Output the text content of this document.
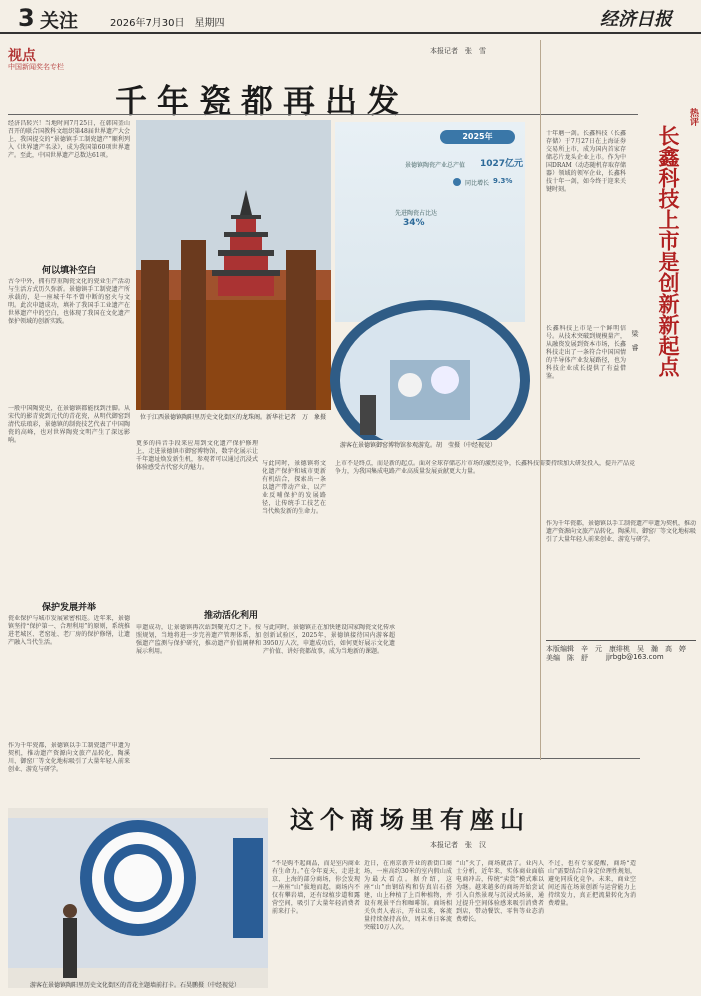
3 关注	2026年7月30日　星期四	经济日报
视点
中国新闻奖名专栏
本报记者　张　雪
千年瓷都再出发
经济昌转兴！当地时间7月25日，在韩国釜山召开的联合国教科文组织第48届世界遗产大会上，我国提交的“景德镇手工制瓷遗产”顺利列入《世界遗产名录》，成为我国第60项世界遗产。至此，中国世界遗产总数达61项。
何以填补空白
古今中外，拥有厚重陶瓷文化的瓷业生产活动与生活方式历久弥新。景德镇手工制瓷遗产所承载的，是一座城千年不曾中断的窑火与文明。此次申遗成功，填补了我国手工业遗产在世界遗产中的空白，也体现了我国在文化遗产保护领域的创新实践。
一般中国陶瓷史，在景德镇都能找到注脚。从宋代的影青瓷到元代的青花瓷，从明代御窑到清代珐琅彩，景德镇的制瓷技艺代表了中国陶瓷的高峰，也对世界陶瓷文明产生了深远影响。
保护发展并举
瓷业保护与城市发展紧密相连。近年来，景德镇坚持“保护第一、合理利用”的原则，系统推进老城区、老窑址、老厂房的保护修缮，让遗产融入当代生活。
作为千年瓷都，景德镇以手工制瓷遗产申遗为契机，推动遗产资源向文旅产品转化，陶溪川、御窑厂等文化地标吸引了大量年轻人前来创业、游览与研学。
位于江西景德镇陶阳里历史文化街区的龙珠阁。新华社记者　万　象摄
2025年
景德镇陶瓷产业总产值 1027亿元
同比增长 9.3%
先进陶瓷占比达
34%
游客在景德镇御窑博物馆参观游览。胡　莹摄（中经视觉）
更多的抖音手段来应用到文化遗产保护修理上，走进景德镇市御窑博物馆，数字化展示让千年遗址焕发新生机，参观者可以通过沉浸式体验感受古代窑火的魅力。
与此同时，景德镇将文化遗产保护和城市更新有机结合，探索出一条以遗产带动产业、以产业反哺保护的发展路径，让传统手工技艺在当代焕发新的生命力。
推动活化利用
申遗成功，让景德镇再次站到聚光灯之下。按照规划，当地将进一步完善遗产管理体系，加强遗产监测与保护研究，推动遗产价值阐释和展示利用。
与此同时，景德镇正在加快建设国家陶瓷文化传承创新试验区，2025年，景德镇接待国内游客超3950万人次，申遗成功后，如何更好展示文化遗产价值、讲好瓷都故事，成为当地新的课题。
上市不是终点，而是新的起点。面对全球存储芯片市场的激烈竞争，长鑫科技需要持续加大研发投入，提升产品竞争力，为我国集成电路产业高质量发展贡献更大力量。
游客在景德镇陶阳里历史文化街区的青花主题墙前打卡。石昊鹏摄（中经视觉）
这个商场里有座山
本报记者　张　汉
“不是购不起商品，而是室内商业有生命力。”在今年夏天，走进北京、上海的部分商场，你会发现一座座“山”拔地而起，商场内不仅有攀岩墙，还有绿植步道和露营空间，吸引了大量年轻消费者前来打卡。
近日，在南京新开业的新街口商场，一座高约30米的室内假山成为最大看点。据介绍，这座“山”由钢结构和仿真岩石搭建，山上种植了上百种植物，并设有观景平台和咖啡馆。商场相关负责人表示，开业以来，客流量持续保持高位，周末单日客流突破10万人次。
“山”火了，商场就活了。业内人士分析，近年来，实体商业面临电商冲击，传统“卖货”模式难以为继。越来越多的商场开始尝试引入自然景观与沉浸式场景，通过提升空间体验感来吸引消费者到店，带动餐饮、零售等业态消费增长。
不过，也有专家提醒，商场“造山”需要结合自身定位理性规划，避免同质化竞争。未来，商业空间还需在场景创新与运营能力上持续发力，真正把流量转化为消费增量。
热评
长鑫科技上市是创新新起点
梁　睿
十年磨一剑。长鑫科技（长鑫存储）于7月27日在上海证券交易所上市，成为国内首家存储芯片龙头企业上市。作为中国DRAM（动态随机存取存储器）领域的领军企业，长鑫科技十年一剑，如今终于迎来关键时刻。
长鑫科技上市是一个鲜明信号。从技术突破到规模量产，从融资发展到资本市场，长鑫科技走出了一条符合中国国情的半导体产业发展路径，也为科技企业成长提供了有益借鉴。
作为千年瓷都，景德镇以手工制瓷遗产申遗为契机，推动遗产资源向文旅产品转化，陶溪川、御窑厂等文化地标吸引了大量年轻人前来创业、游览与研学。
本版编辑　辛　元　康绯桃　吴　瀚　高　婷
美编　陈　舒	jjrbgb@163.com
